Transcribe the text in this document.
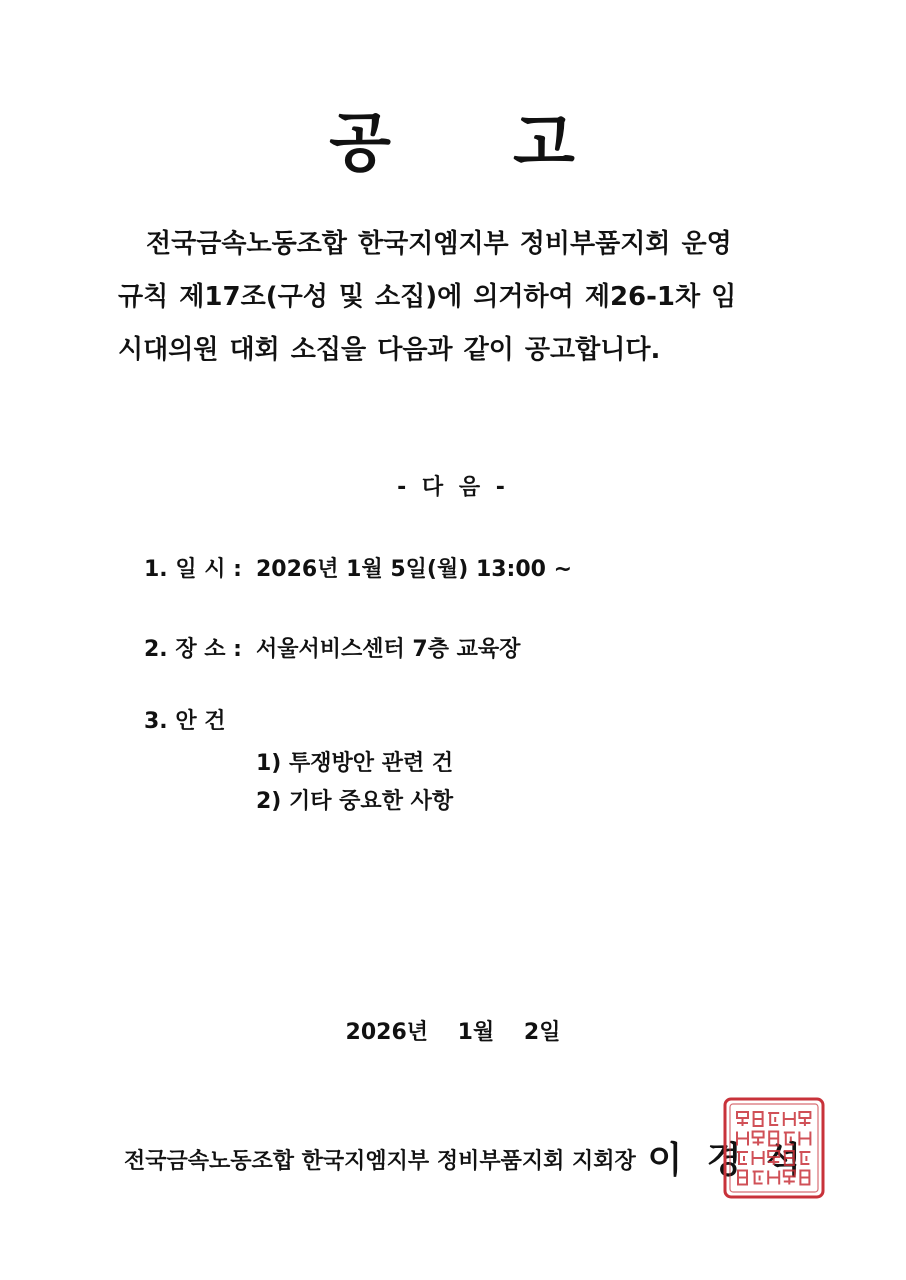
공 고
전국금속노동조합 한국지엠지부 정비부품지회 운영
규칙 제17조(구성 및 소집)에 의거하여 제26-1차 임
시대의원 대회 소집을 다음과 같이 공고합니다.
- 다 음 -
1. 일 시 : 2026년 1월 5일(월) 13:00 ~
2. 장 소 : 서울서비스센터 7층 교육장
3. 안 건
1) 투쟁방안 관련 건
2) 기타 중요한 사항
2026년 1월 2일
전국금속노동조합 한국지엠지부 정비부품지회 지회장 이 경 석
